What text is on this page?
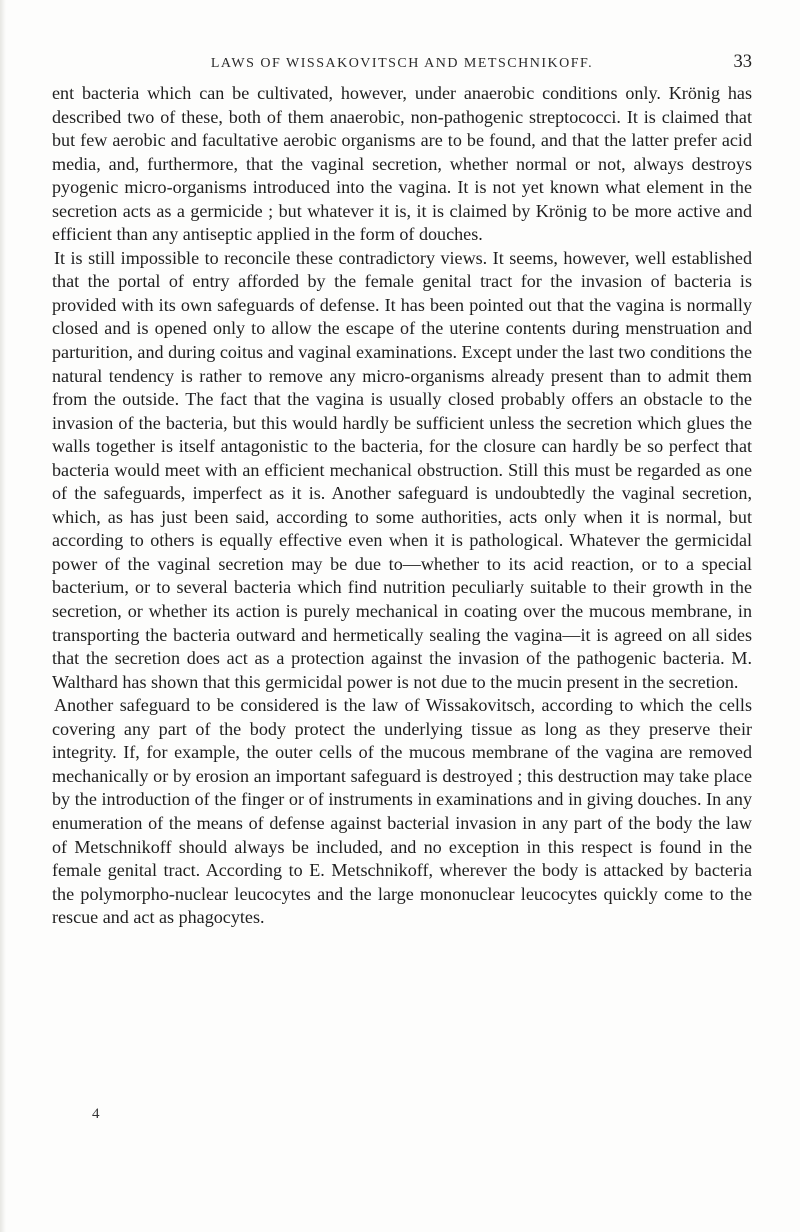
LAWS OF WISSAKOVITSCH AND METSCHNIKOFF.	33

ent bacteria which can be cultivated, however, under anaerobic conditions only. Krönig has described two of these, both of them anaerobic, non-pathogenic streptococci. It is claimed that but few aerobic and facultative aerobic organisms are to be found, and that the latter prefer acid media, and, furthermore, that the vaginal secretion, whether normal or not, always destroys pyogenic micro-organisms introduced into the vagina. It is not yet known what element in the secretion acts as a germicide ; but whatever it is, it is claimed by Krönig to be more active and efficient than any antiseptic applied in the form of douches.

It is still impossible to reconcile these contradictory views. It seems, however, well established that the portal of entry afforded by the female genital tract for the invasion of bacteria is provided with its own safeguards of defense. It has been pointed out that the vagina is normally closed and is opened only to allow the escape of the uterine contents during menstruation and parturition, and during coitus and vaginal examinations. Except under the last two conditions the natural tendency is rather to remove any micro-organisms already present than to admit them from the outside. The fact that the vagina is usually closed probably offers an obstacle to the invasion of the bacteria, but this would hardly be sufficient unless the secretion which glues the walls together is itself antagonistic to the bacteria, for the closure can hardly be so perfect that bacteria would meet with an efficient mechanical obstruction. Still this must be regarded as one of the safeguards, imperfect as it is. Another safeguard is undoubtedly the vaginal secretion, which, as has just been said, according to some authorities, acts only when it is normal, but according to others is equally effective even when it is pathological. Whatever the germicidal power of the vaginal secretion may be due to—whether to its acid reaction, or to a special bacterium, or to several bacteria which find nutrition peculiarly suitable to their growth in the secretion, or whether its action is purely mechanical in coating over the mucous membrane, in transporting the bacteria outward and hermetically sealing the vagina—it is agreed on all sides that the secretion does act as a protection against the invasion of the pathogenic bacteria. M. Walthard has shown that this germicidal power is not due to the mucin present in the secretion.

Another safeguard to be considered is the law of Wissakovitsch, according to which the cells covering any part of the body protect the underlying tissue as long as they preserve their integrity. If, for example, the outer cells of the mucous membrane of the vagina are removed mechanically or by erosion an important safeguard is destroyed ; this destruction may take place by the introduction of the finger or of instruments in examinations and in giving douches. In any enumeration of the means of defense against bacterial invasion in any part of the body the law of Metschnikoff should always be included, and no exception in this respect is found in the female genital tract. According to E. Metschnikoff, wherever the body is attacked by bacteria the polymorpho-nuclear leucocytes and the large mononuclear leucocytes quickly come to the rescue and act as phagocytes.

4
